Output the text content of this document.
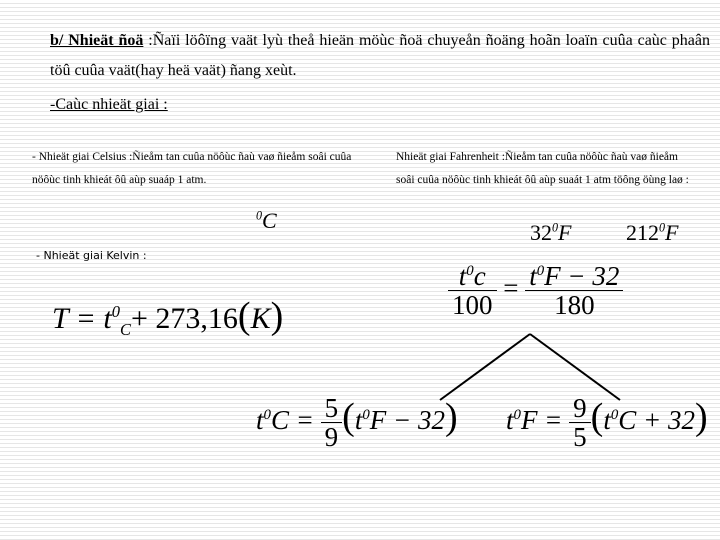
b/ Nhieät ñoä :Ñaïi löôïng vaät lyù theå hieän möùc ñoä chuyeån ñoäng hoãn loaïn cuûa caùc phaân töû cuûa vaät(hay heä vaät) ñang xeùt.
-Caùc nhieät giai :
- Nhieät giai Celsius :Ñieåm tan cuûa nöôùc ñaù vaø ñieåm soâi cuûa nöôùc tinh khieát ôû aùp suaáp 1 atm.
$^0$C
Nhieät giai Fahrenheit :Ñieåm tan cuûa nöôùc ñaù vaø ñieåm soâi cuûa nöôùc tinh khieát ôû aùp suaát 1 atm töông öùng laø :
$32^0F$ $212^0F$
- Nhieät giai Kelvin :
$T = t^0_C+ 273,16(K)$	$\frac{t^0c}{100} = \frac{t^0F - 32}{180}$
$t^0C = \frac{5}{9} (t^0F - 32) t^0F = \frac{9}{5} (t^0C + 32)$
